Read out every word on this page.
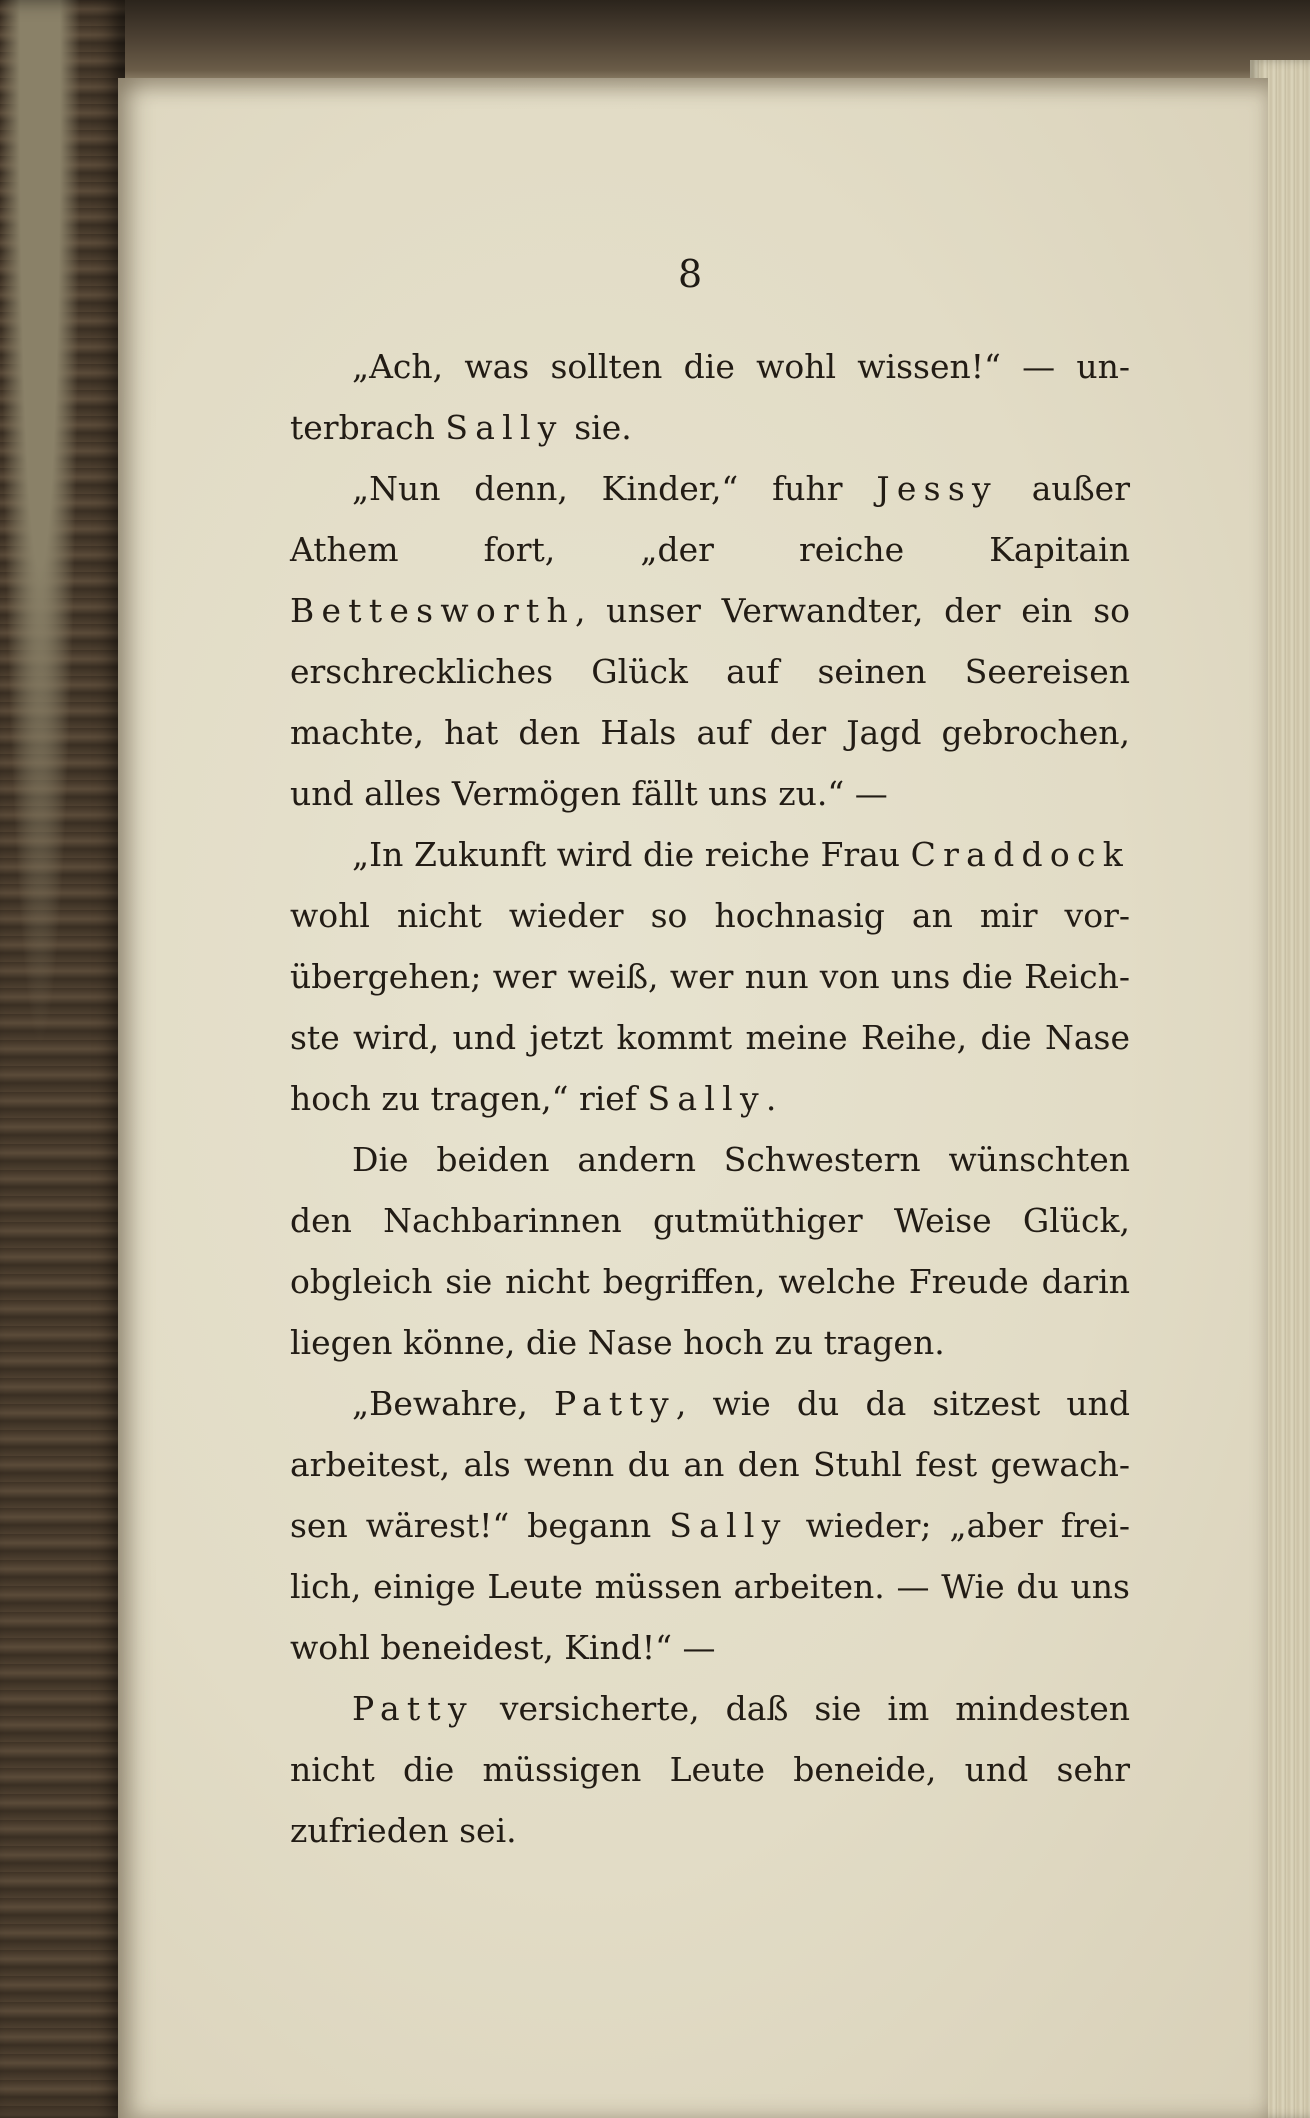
8

„Ach, was sollten die wohl wissen!“ — unterbrach Sally sie.

„Nun denn, Kinder,“ fuhr Jessy außer Athem fort, „der reiche Kapitain Bettesworth, unser Verwandter, der ein so erschreckliches Glück auf seinen Seereisen machte, hat den Hals auf der Jagd gebrochen, und alles Vermögen fällt uns zu.“ —

„In Zukunft wird die reiche Frau Craddock wohl nicht wieder so hochnasig an mir vorübergehen; wer weiß, wer nun von uns die Reichste wird, und jetzt kommt meine Reihe, die Nase hoch zu tragen,“ rief Sally.

Die beiden andern Schwestern wünschten den Nachbarinnen gutmüthiger Weise Glück, obgleich sie nicht begriffen, welche Freude darin liegen könne, die Nase hoch zu tragen.

„Bewahre, Patty, wie du da sitzest und arbeitest, als wenn du an den Stuhl fest gewachsen wärest!“ begann Sally wieder; „aber freilich, einige Leute müssen arbeiten. — Wie du uns wohl beneidest, Kind!“ —

Patty versicherte, daß sie im mindesten nicht die müssigen Leute beneide, und sehr zufrieden sei.
